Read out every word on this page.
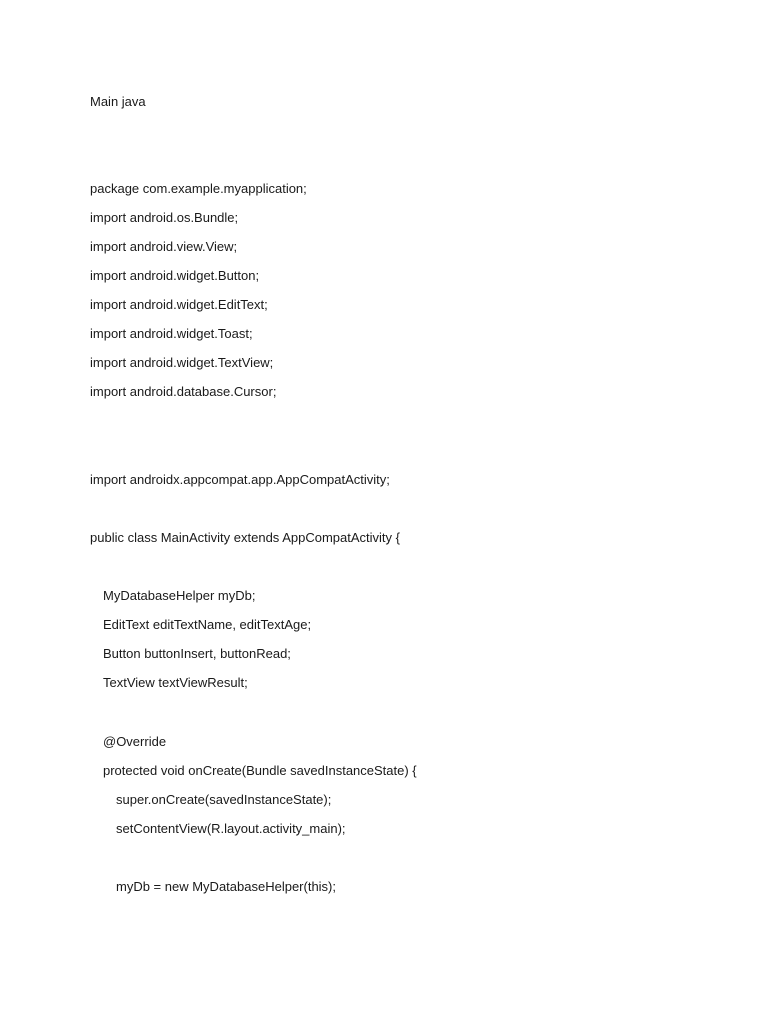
Main java
package com.example.myapplication;
import android.os.Bundle;
import android.view.View;
import android.widget.Button;
import android.widget.EditText;
import android.widget.Toast;
import android.widget.TextView;
import android.database.Cursor;
import androidx.appcompat.app.AppCompatActivity;
public class MainActivity extends AppCompatActivity {
MyDatabaseHelper myDb;
EditText editTextName, editTextAge;
Button buttonInsert, buttonRead;
TextView textViewResult;
@Override
protected void onCreate(Bundle savedInstanceState) {
super.onCreate(savedInstanceState);
setContentView(R.layout.activity_main);
myDb = new MyDatabaseHelper(this);
